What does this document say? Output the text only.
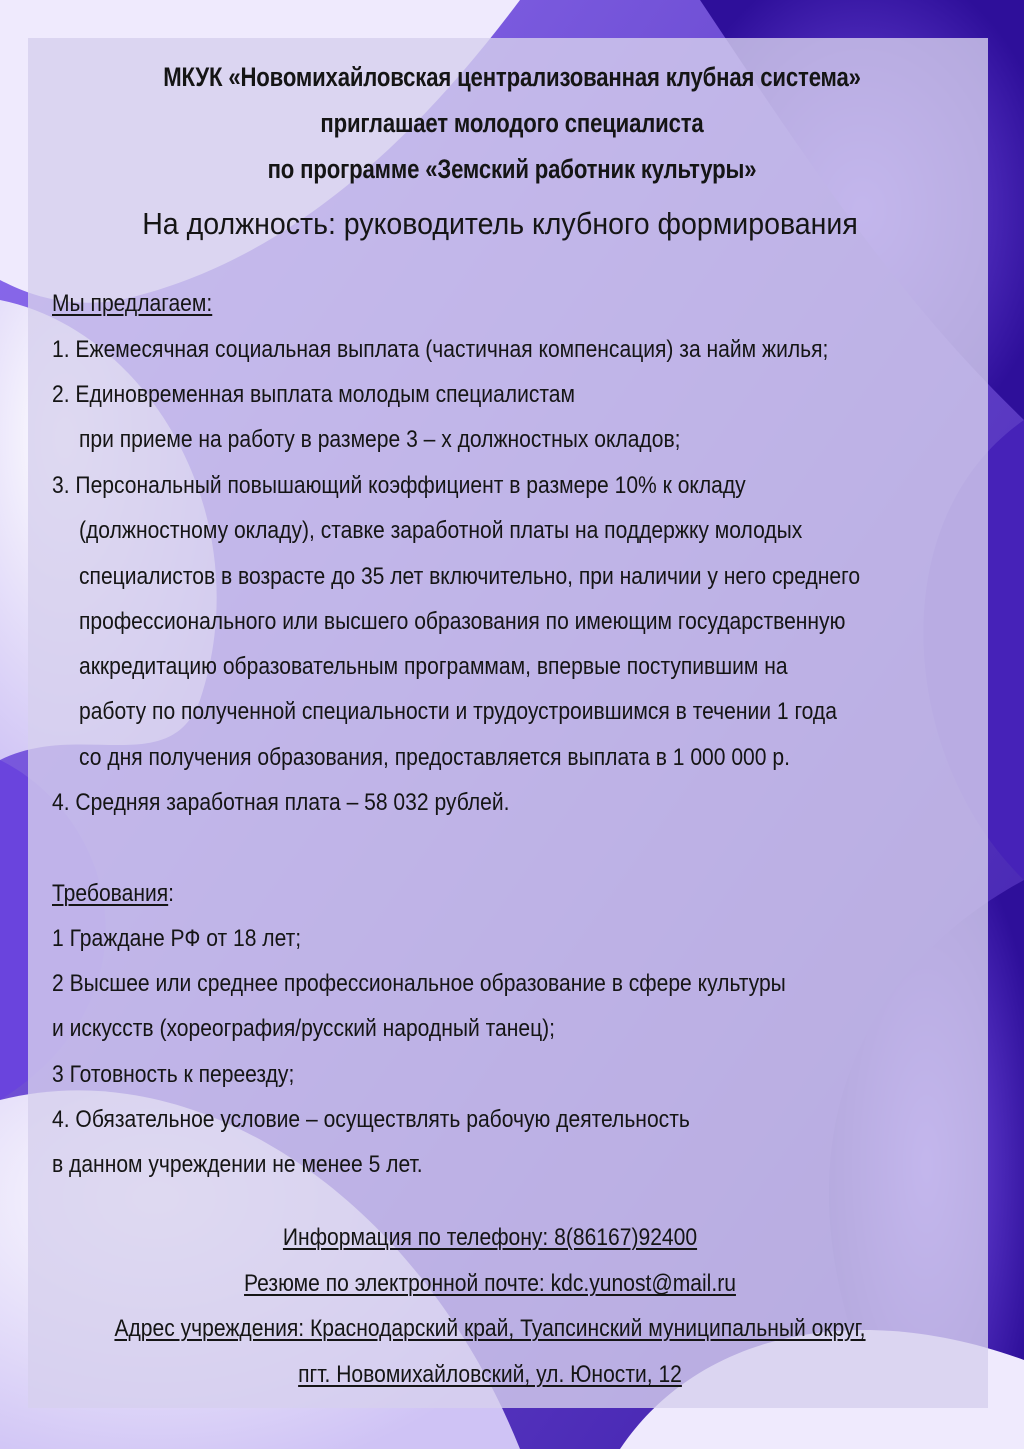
МКУК «Новомихайловская централизованная клубная система»
приглашает молодого специалиста
по программе «Земский работник культуры»
На должность: руководитель клубного формирования
Мы предлагаем:
1. Ежемесячная социальная выплата (частичная компенсация) за найм жилья;
2. Единовременная выплата молодым специалистам
при приеме на работу в размере 3 – х должностных окладов;
3. Персональный повышающий коэффициент в размере 10% к окладу
(должностному окладу), ставке заработной платы на поддержку молодых
специалистов в возрасте до 35 лет включительно, при наличии у него среднего
профессионального или высшего образования по имеющим государственную
аккредитацию образовательным программам, впервые поступившим на
работу по полученной специальности и трудоустроившимся в течении 1 года
со дня получения образования, предоставляется выплата в 1 000 000 р.
4. Средняя заработная плата – 58 032 рублей.
Требования:
1 Граждане РФ от 18 лет;
2 Высшее или среднее профессиональное образование в сфере культуры
и искусств (хореография/русский народный танец);
3 Готовность к переезду;
4. Обязательное условие – осуществлять рабочую деятельность
в данном учреждении не менее 5 лет.
Информация по телефону: 8(86167)92400
Резюме по электронной почте: kdc.yunost@mail.ru
Адрес учреждения: Краснодарский край, Туапсинский муниципальный округ,
пгт. Новомихайловский, ул. Юности, 12
